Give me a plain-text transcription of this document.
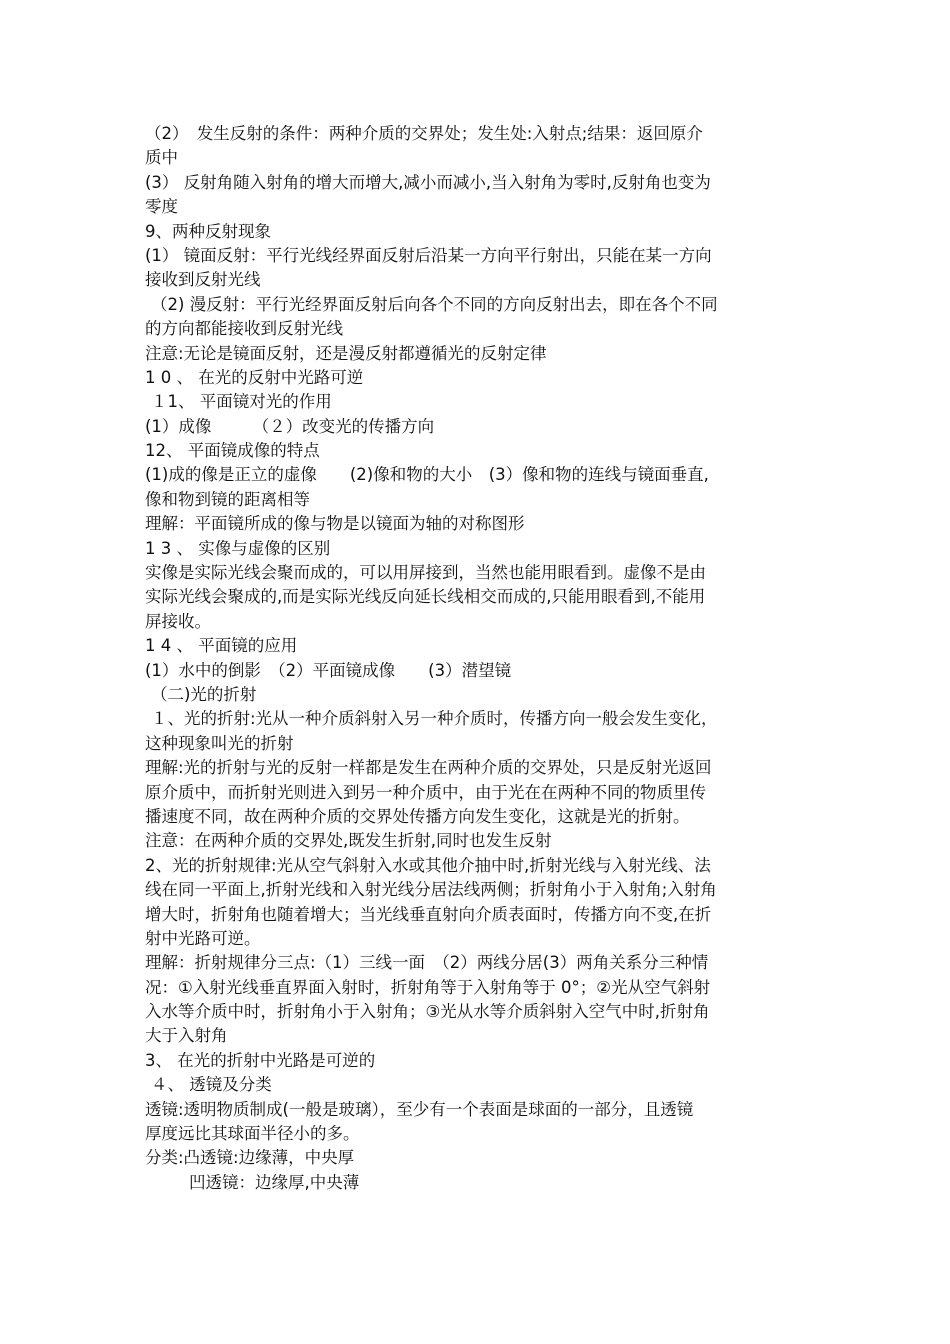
（2）　发生反射的条件：两种介质的交界处；发生处:入射点;结果：返回原介
质中
(3） 反射角随入射角的增大而增大,减小而减小,当入射角为零时,反射角也变为
零度
9、两种反射现象
(1） 镜面反射：平行光线经界面反射后沿某一方向平行射出，只能在某一方向
接收到反射光线
（2) 漫反射：平行光经界面反射后向各个不同的方向反射出去，即在各个不同
的方向都能接收到反射光线
注意:无论是镜面反射，还是漫反射都遵循光的反射定律
1 0 、 在光的反射中光路可逆
１1、 平面镜对光的作用
(1）成像　　　（２）改变光的传播方向
12、 平面镜成像的特点
(1)成的像是正立的虚像　　(2)像和物的大小　(3）像和物的连线与镜面垂直,
像和物到镜的距离相等
理解：平面镜所成的像与物是以镜面为轴的对称图形
1 3 、 实像与虚像的区别
实像是实际光线会聚而成的，可以用屏接到，当然也能用眼看到。虚像不是由
实际光线会聚成的,而是实际光线反向延长线相交而成的,只能用眼看到,不能用
屏接收。
1 4 、 平面镜的应用
(1）水中的倒影　（2）平面镜成像　　(3）潜望镜
（二)光的折射
１、光的折射:光从一种介质斜射入另一种介质时，传播方向一般会发生变化，
这种现象叫光的折射
理解:光的折射与光的反射一样都是发生在两种介质的交界处，只是反射光返回
原介质中，而折射光则进入到另一种介质中，由于光在在两种不同的物质里传
播速度不同，故在两种介质的交界处传播方向发生变化，这就是光的折射。
注意：在两种介质的交界处,既发生折射,同时也发生反射
2、光的折射规律:光从空气斜射入水或其他介抽中时,折射光线与入射光线、法
线在同一平面上,折射光线和入射光线分居法线两侧；折射角小于入射角;入射角
增大时，折射角也随着增大；当光线垂直射向介质表面时，传播方向不变,在折
射中光路可逆。
理解：折射规律分三点:（1）三线一面　（2）两线分居(3）两角关系分三种情
况：①入射光线垂直界面入射时，折射角等于入射角等于 0°；②光从空气斜射
入水等介质中时，折射角小于入射角；③光从水等介质斜射入空气中时,折射角
大于入射角
3、 在光的折射中光路是可逆的
４、 透镜及分类
透镜:透明物质制成(一般是玻璃），至少有一个表面是球面的一部分，且透镜
厚度远比其球面半径小的多。
分类:凸透镜:边缘薄，中央厚
凹透镜：边缘厚,中央薄
